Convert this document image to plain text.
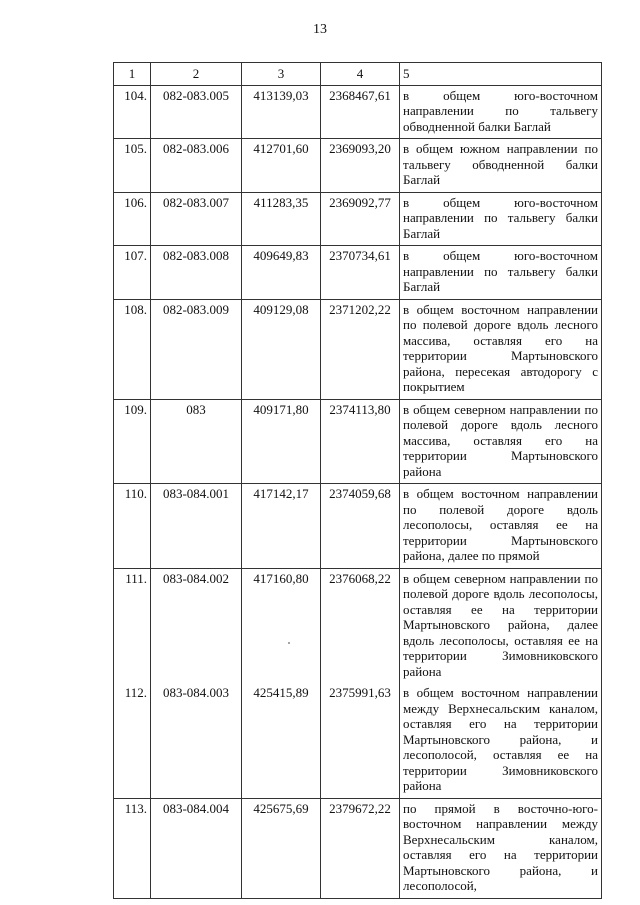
13
1	2	3	4	5
104.	082-083.005	413139,03	2368467,61	в общем юго-восточном направлении по тальвегу обводненной балки Баглай
105.	082-083.006	412701,60	2369093,20	в общем южном направлении по тальвегу обводненной балки Баглай
106.	082-083.007	411283,35	2369092,77	в общем юго-восточном направлении по тальвегу балки Баглай
107.	082-083.008	409649,83	2370734,61	в общем юго-восточном направлении по тальвегу балки Баглай
108.	082-083.009	409129,08	2371202,22	в общем восточном направлении по полевой дороге вдоль лесного массива, оставляя его на территории Мартыновского района, пересекая автодорогу с покрытием
109.	083	409171,80	2374113,80	в общем северном направлении по полевой дороге вдоль лесного массива, оставляя его на территории Мартыновского района
110.	083-084.001	417142,17	2374059,68	в общем восточном направлении по полевой дороге вдоль лесополосы, оставляя ее на территории Мартыновского района, далее по прямой
111.	083-084.002	417160,80	2376068,22	в общем северном направлении по полевой дороге вдоль лесополосы, оставляя ее на территории Мартыновского района, далее вдоль лесополосы, оставляя ее на территории Зимовниковского района
112.	083-084.003	425415,89	2375991,63	в общем восточном направлении между Верхнесальским каналом, оставляя его на территории Мартыновского района, и лесополосой, оставляя ее на территории Зимовниковского района
113.	083-084.004	425675,69	2379672,22	по прямой в восточно-юго-восточном направлении между Верхнесальским каналом, оставляя его на территории Мартыновского района, и лесополосой,
